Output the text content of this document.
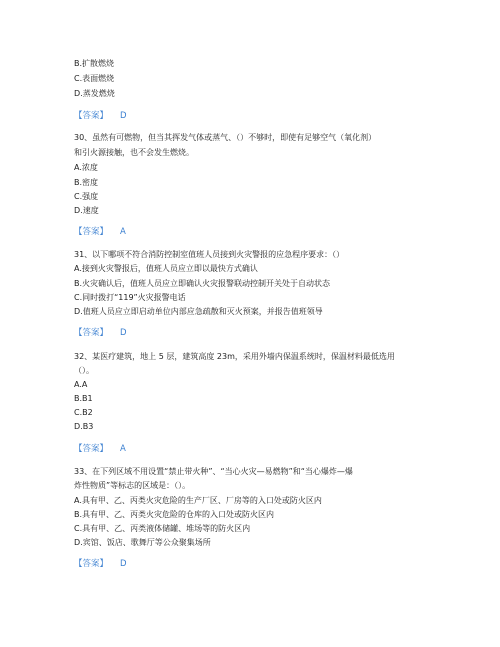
B.扩散燃烧
C.表面燃烧
D.蒸发燃烧
【答案】 D
30、虽然有可燃物，但当其挥发气体或蒸气、（）不够时，即使有足够空气（氧化剂）
和引火源接触，也不会发生燃烧。
A.浓度
B.密度
C.强度
D.速度
【答案】 A
31、以下哪项不符合消防控制室值班人员接到火灾警报的应急程序要求：（）
A.接到火灾警报后，值班人员应立即以最快方式确认
B.火灾确认后，值班人员应立即确认火灾报警联动控制开关处于自动状态
C.同时拨打“119”火灾报警电话
D.值班人员应立即启动单位内部应急疏散和灭火预案，并报告值班领导
【答案】 D
32、某医疗建筑，地上 5 层，建筑高度 23m，采用外墙内保温系统时，保温材料最低选用
（）。
A.A
B.B1
C.B2
D.B3
【答案】 A
33、在下列区域不用设置“禁止带火种”、“当心火灾—易燃物”和“当心爆炸—爆
炸性物质”等标志的区域是：（）。
A.具有甲、乙、丙类火灾危险的生产厂区、厂房等的入口处或防火区内
B.具有甲、乙、丙类火灾危险的仓库的入口处或防火区内
C.具有甲、乙、丙类液体储罐、堆场等的防火区内
D.宾馆、饭店、歌舞厅等公众聚集场所
【答案】 D
